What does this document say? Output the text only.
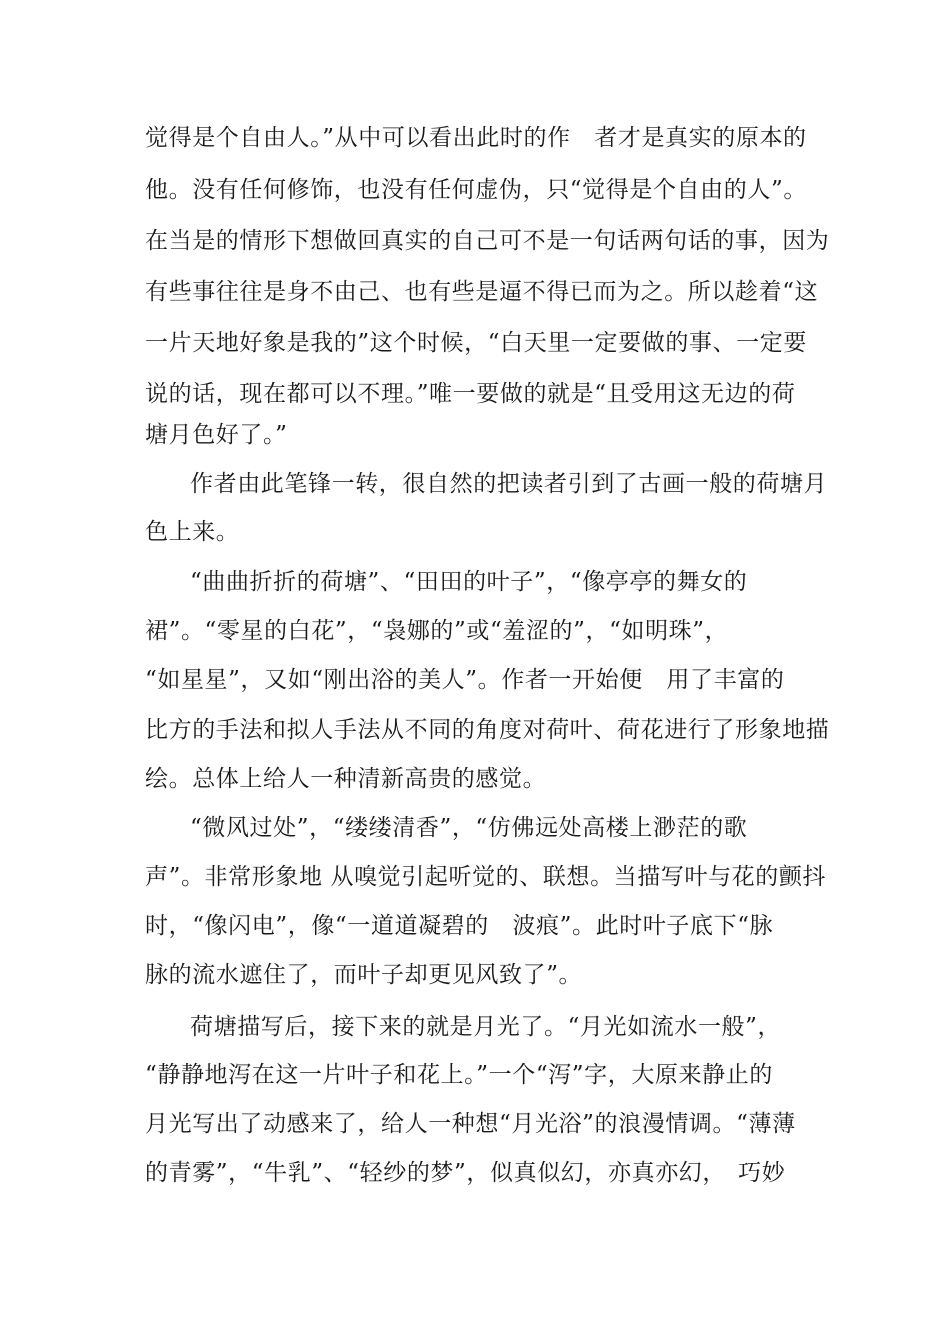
觉得是个自由人。”从中可以看出此时的作　者才是真实的原本的
他。没有任何修饰，也没有任何虚伪，只“觉得是个自由的人”。
在当是的情形下想做回真实的自己可不是一句话两句话的事，因为
有些事往往是身不由己、也有些是逼不得已而为之。所以趁着“这
一片天地好象是我的”这个时候，“白天里一定要做的事、一定要
说的话，现在都可以不理。”唯一要做的就是“且受用这无边的荷
塘月色好了。”
作者由此笔锋一转，很自然的把读者引到了古画一般的荷塘月
色上来。
“曲曲折折的荷塘”、“田田的叶子”，“像亭亭的舞女的
裙”。“零星的白花”，“袅娜的”或“羞涩的”，“如明珠”，
“如星星”，又如“刚出浴的美人”。作者一开始便　用了丰富的
比方的手法和拟人手法从不同的角度对荷叶、荷花进行了形象地描
绘。总体上给人一种清新高贵的感觉。
“微风过处”，“缕缕清香”，“仿佛远处高楼上渺茫的歌
声”。非常形象地 从嗅觉引起听觉的、联想。当描写叶与花的颤抖
时，“像闪电”，像“一道道凝碧的　波痕”。此时叶子底下“脉
脉的流水遮住了，而叶子却更见风致了”。
荷塘描写后，接下来的就是月光了。“月光如流水一般”，
“静静地泻在这一片叶子和花上。”一个“泻”字，大原来静止的
月光写出了动感来了，给人一种想“月光浴”的浪漫情调。“薄薄
的青雾”，“牛乳”、“轻纱的梦”，似真似幻，亦真亦幻，　巧妙
